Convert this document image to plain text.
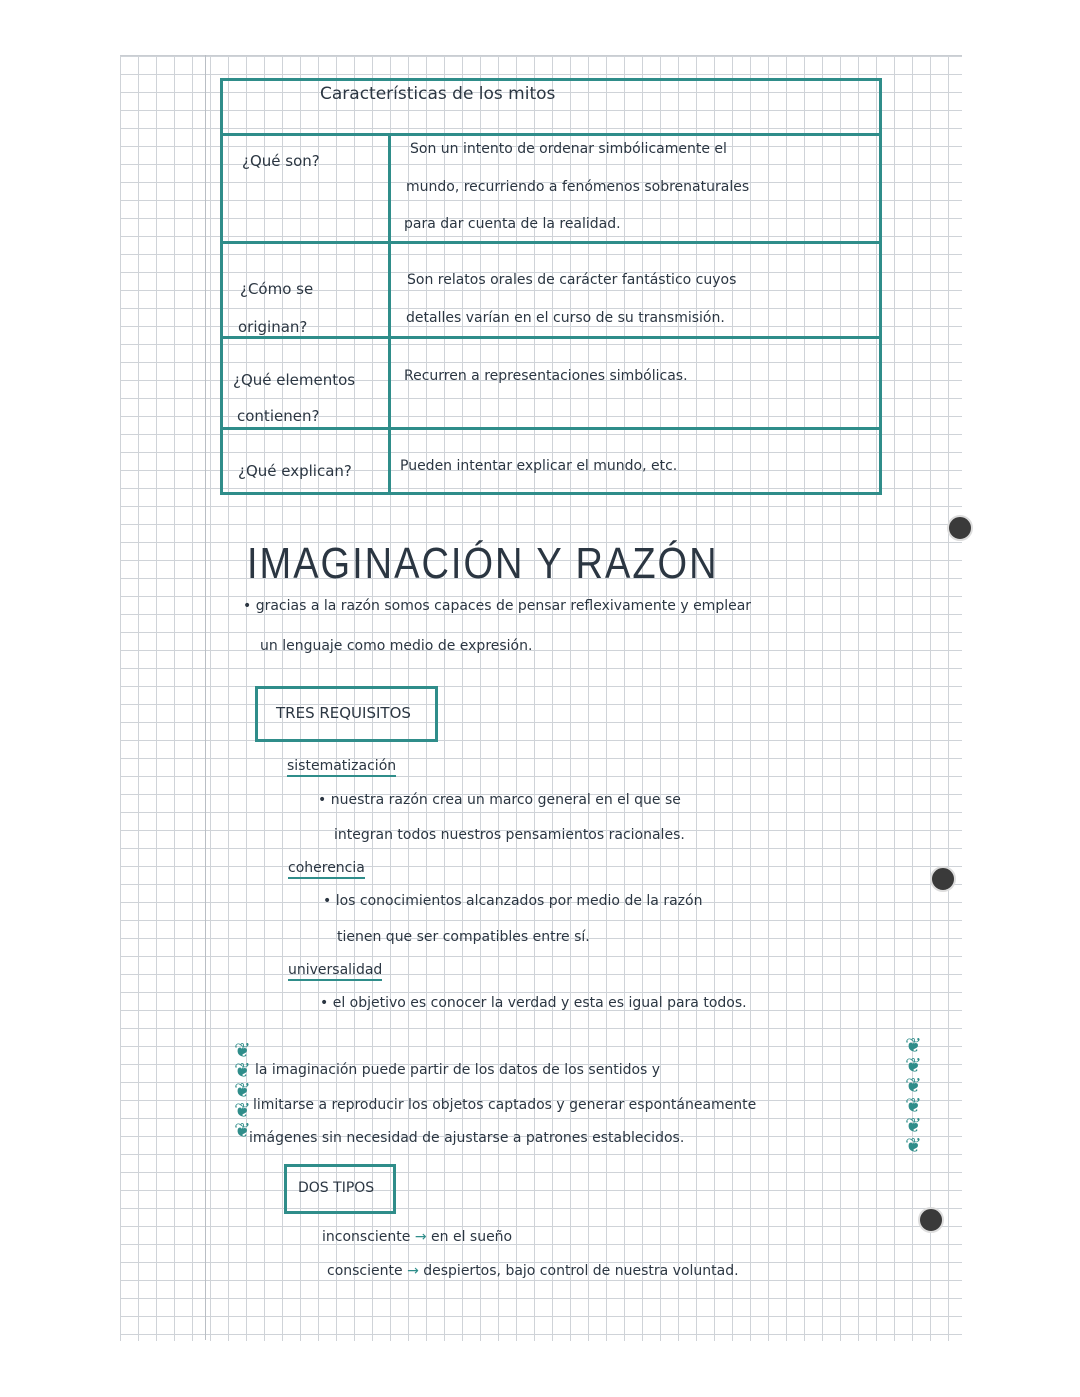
Características de los mitos
¿Qué son?
Son un intento de ordenar simbólicamente el
mundo, recurriendo a fenómenos sobrenaturales
para dar cuenta de la realidad.
¿Cómo se
originan?
Son relatos orales de carácter fantástico cuyos
detalles varían en el curso de su transmisión.
¿Qué elementos
contienen?
Recurren a representaciones simbólicas.
¿Qué explican?	Pueden intentar explicar el mundo, etc.
IMAGINACIÓN Y RAZÓN
• gracias a la razón somos capaces de pensar reflexivamente y emplear
un lenguaje como medio de expresión.
TRES REQUISITOS
sistematización
• nuestra razón crea un marco general en el que se
integran todos nuestros pensamientos racionales.
coherencia
• los conocimientos alcanzados por medio de la razón
tienen que ser compatibles entre sí.
universalidad
• el objetivo es conocer la verdad y esta es igual para todos.
❦
❦
❦
❦
❦
❦
❦
❦
❦
❦
❦
la imaginación puede partir de los datos de los sentidos y
limitarse a reproducir los objetos captados y generar espontáneamente
imágenes sin necesidad de ajustarse a patrones establecidos.
DOS TIPOS
inconsciente → en el sueño
consciente → despiertos, bajo control de nuestra voluntad.
